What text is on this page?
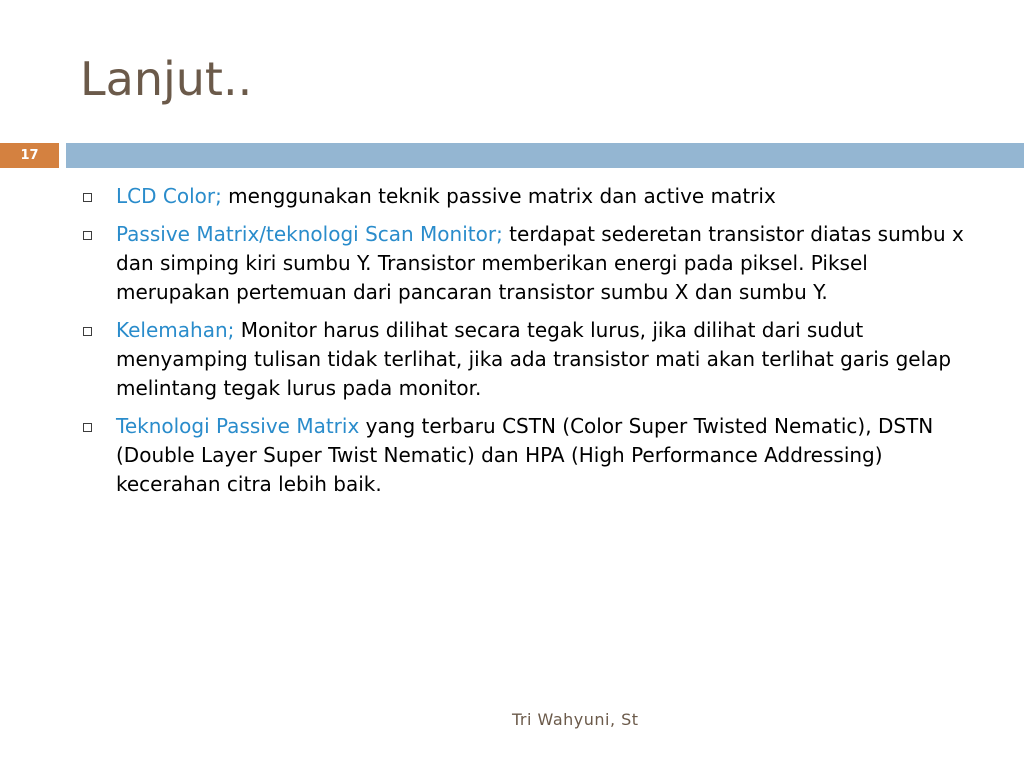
Lanjut..
17
LCD Color; menggunakan teknik passive matrix dan active matrix
Passive Matrix/teknologi Scan Monitor; terdapat sederetan transistor diatas sumbu x dan simping kiri sumbu Y. Transistor memberikan energi pada piksel. Piksel merupakan pertemuan dari pancaran transistor sumbu X dan sumbu Y.
Kelemahan; Monitor harus dilihat secara tegak lurus, jika dilihat dari sudut menyamping tulisan tidak terlihat, jika ada transistor mati akan terlihat garis gelap melintang tegak lurus pada monitor.
Teknologi Passive Matrix yang terbaru CSTN (Color Super Twisted Nematic), DSTN (Double Layer Super Twist Nematic) dan HPA (High Performance Addressing) kecerahan citra lebih baik.
Tri Wahyuni, St
